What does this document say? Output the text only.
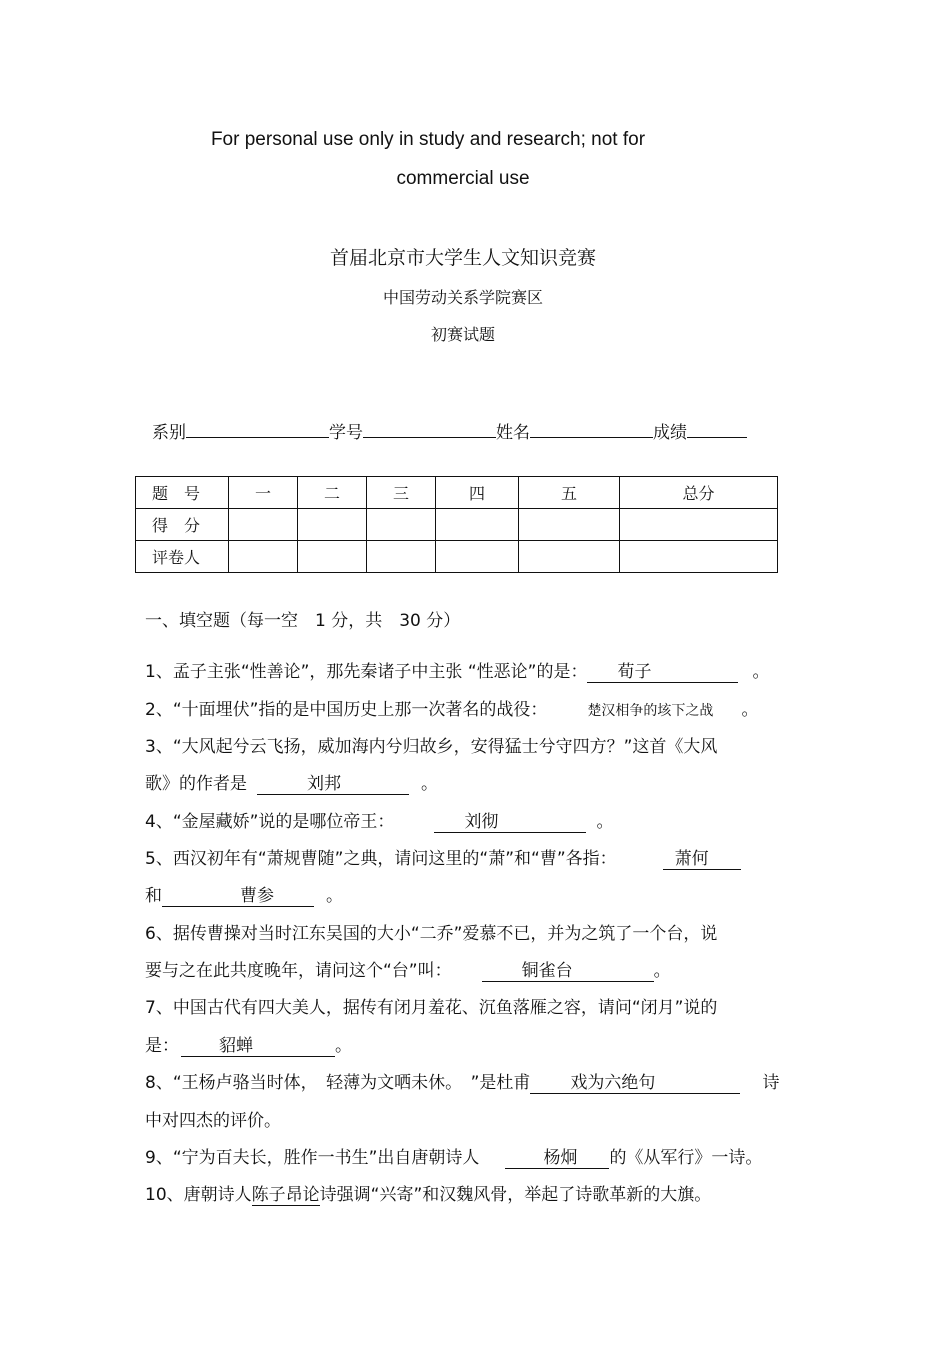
For personal use only in study and research; not for
commercial use
首届北京市大学生人文知识竞赛
中国劳动关系学院赛区
初赛试题
系别	学号	姓名	成绩
题　号	一	二	三	四	五	总分
得　分						
评卷人						
一、填空题（每一空　1 分，共　30 分）
1、孟子主张“性善论”，那先秦诸子中主张 “性恶论”的是： 荀子	。
2、“十面埋伏”指的是中国历史上那一次著名的战役：	楚汉相争的垓下之战 。
3、“大风起兮云飞扬，威加海内兮归故乡，安得猛士兮守四方？”这首《大风
歌》的作者是	刘邦	。
4、“金屋藏娇”说的是哪位帝王：	刘彻	。
5、西汉初年有“萧规曹随”之典，请问这里的“萧”和“曹”各指：	萧何
和	曹参	。
6、据传曹操对当时江东吴国的大小“二乔”爱慕不已，并为之筑了一个台，说
要与之在此共度晚年，请问这个“台”叫：	铜雀台	。
7、中国古代有四大美人，据传有闭月羞花、沉鱼落雁之容，请问“闭月”说的
是： 貂蝉	。
8、“王杨卢骆当时体，　轻薄为文哂未休。　”是杜甫 戏为六绝句	诗
中对四杰的评价。
9、“宁为百夫长，胜作一书生”出自唐朝诗人	杨炯 的《从军行》一诗。
10、唐朝诗人陈子昂论诗强调“兴寄”和汉魏风骨，举起了诗歌革新的大旗。
